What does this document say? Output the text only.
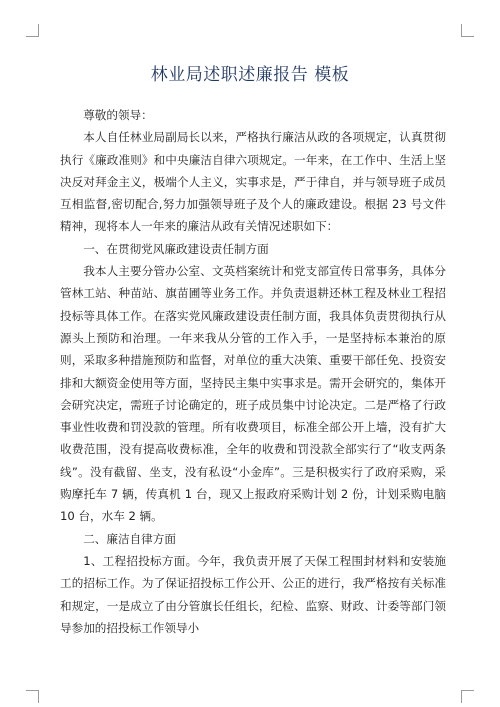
林业局述职述廉报告 模板

尊敬的领导：

本人自任林业局副局长以来，严格执行廉洁从政的各项规定，认真贯彻执行《廉政准则》和中央廉洁自律六项规定。一年来，在工作中、生活上坚决反对拜金主义，极端个人主义，实事求是，严于律自，并与领导班子成员互相监督,密切配合,努力加强领导班子及个人的廉政建设。根据 23 号文件精神，现将本人一年来的廉洁从政有关情况述职如下：

一、在贯彻党风廉政建设责任制方面

我本人主要分管办公室、文英档案统计和党支部宣传日常事务，具体分管林工站、种苗站、旗苗圃等业务工作。并负责退耕还林工程及林业工程招投标等具体工作。在落实党风廉政建设责任制方面，我具体负责贯彻执行从源头上预防和治理。一年来我从分管的工作入手，一是坚持标本兼治的原则，采取多种措施预防和监督，对单位的重大决策、重要干部任免、投资安排和大额资金使用等方面，坚持民主集中实事求是。需开会研究的，集体开会研究决定，需班子讨论确定的，班子成员集中讨论决定。二是严格了行政事业性收费和罚没款的管理。所有收费项目，标准全部公开上墙，没有扩大收费范围，没有提高收费标准，全年的收费和罚没款全部实行了“收支两条线”。没有截留、坐支，没有私设“小金库”。三是积极实行了政府采购，采购摩托车 7 辆，传真机 1 台，现又上报政府采购计划 2 份，计划采购电脑 10 台，水车 2 辆。

二、廉洁自律方面

1、工程招投标方面。今年，我负责开展了天保工程围封材料和安装施工的招标工作。为了保证招投标工作公开、公正的进行，我严格按有关标准和规定，一是成立了由分管旗长任组长，纪检、监察、财政、计委等部门领导参加的招投标工作领导小
